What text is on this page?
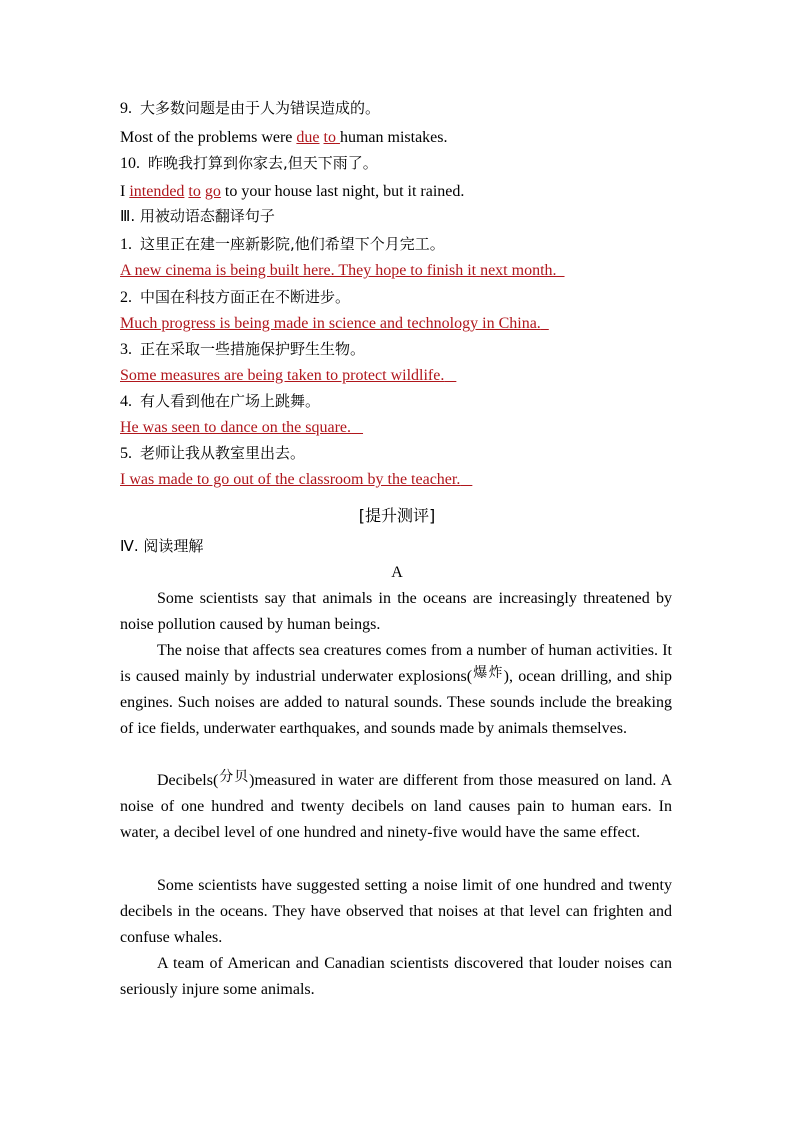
9. 大多数问题是由于人为错误造成的。
Most of the problems were due to human mistakes.
10. 昨晚我打算到你家去,但天下雨了。
I intended to go to your house last night, but it rained.
Ⅲ. 用被动语态翻译句子
1. 这里正在建一座新影院,他们希望下个月完工。
A new cinema is being built here. They hope to finish it next month.
2. 中国在科技方面正在不断进步。
Much progress is being made in science and technology in China.
3. 正在采取一些措施保护野生生物。
Some measures are being taken to protect wildlife.
4. 有人看到他在广场上跳舞。
He was seen to dance on the square.
5. 老师让我从教室里出去。
I was made to go out of the classroom by the teacher.
[提升测评]
Ⅳ. 阅读理解
A
Some scientists say that animals in the oceans are increasingly threatened by noise pollution caused by human beings.
The noise that affects sea creatures comes from a number of human activities. It is caused mainly by industrial underwater explosions(爆炸), ocean drilling, and ship engines. Such noises are added to natural sounds. These sounds include the breaking of ice fields, underwater earthquakes, and sounds made by animals themselves.
Decibels(分贝)measured in water are different from those measured on land. A noise of one hundred and twenty decibels on land causes pain to human ears. In water, a decibel level of one hundred and ninety-five would have the same effect.
Some scientists have suggested setting a noise limit of one hundred and twenty decibels in the oceans. They have observed that noises at that level can frighten and confuse whales.
A team of American and Canadian scientists discovered that louder noises can seriously injure some animals.
